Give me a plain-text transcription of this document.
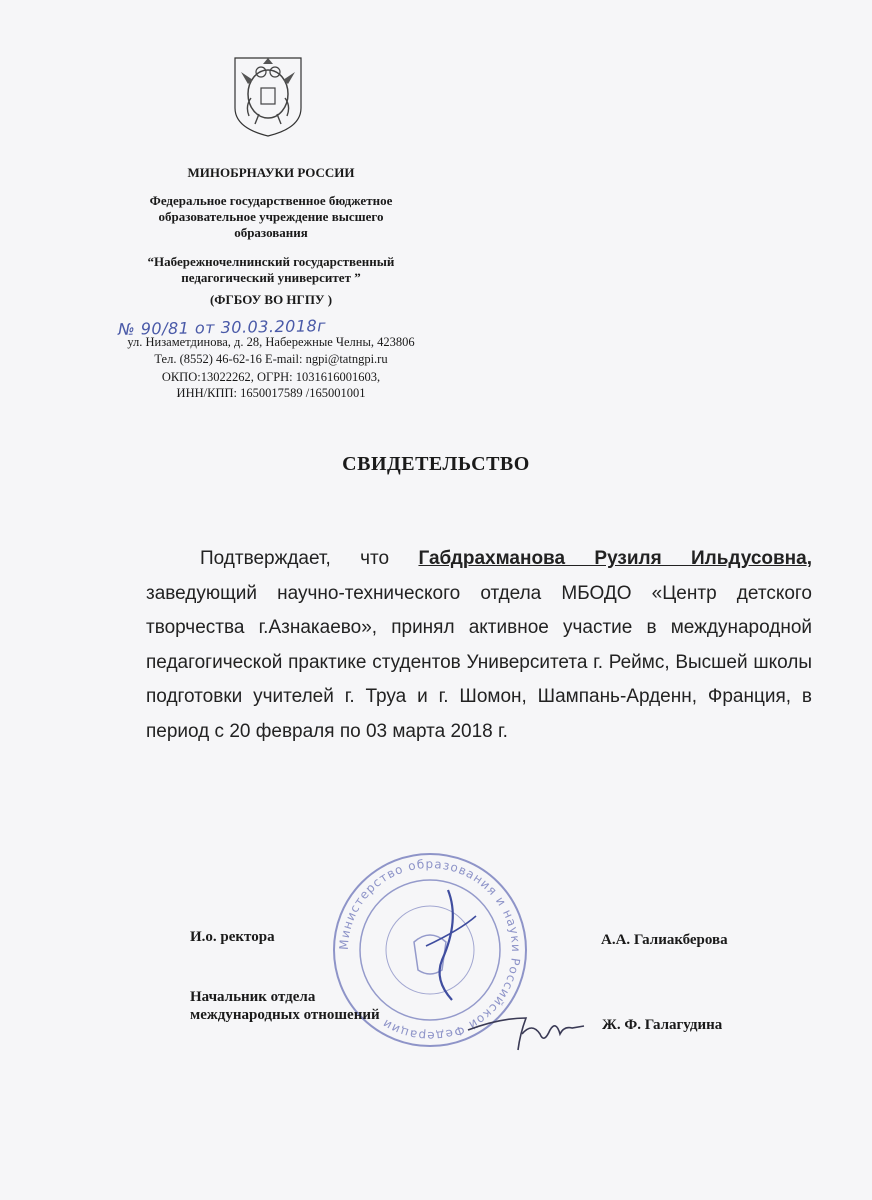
МИНОБРНАУКИ РОССИИ
Федеральное государственное бюджетное
образовательное учреждение высшего
образования
“Набережночелнинский государственный
педагогический университет ”
(ФГБОУ ВО НГПУ )
№ 90/81 от 30.03.2018г
ул. Низаметдинова, д. 28, Набережные Челны, 423806
Тел. (8552) 46-62-16 E-mail: ngpi@tatngpi.ru
ОКПО:13022262, ОГРН: 1031616001603,
ИНН/КПП: 1650017589 /165001001
СВИДЕТЕЛЬСТВО
Подтверждает, что Габдрахманова Рузиля Ильдусовна, заведующий научно-технического отдела МБОДО «Центр детского творчества г.Азнакаево», принял активное участие в международной педагогической практике студентов Университета г. Реймс, Высшей школы подготовки учителей г. Труа и г. Шомон, Шампань-Арденн, Франция, в период с 20 февраля по 03 марта 2018 г.
Министерство образования и науки Российской Федерации
И.о. ректора	А.А. Галиакберова
Начальник отдела
международных отношений
Ж. Ф. Галагудина
